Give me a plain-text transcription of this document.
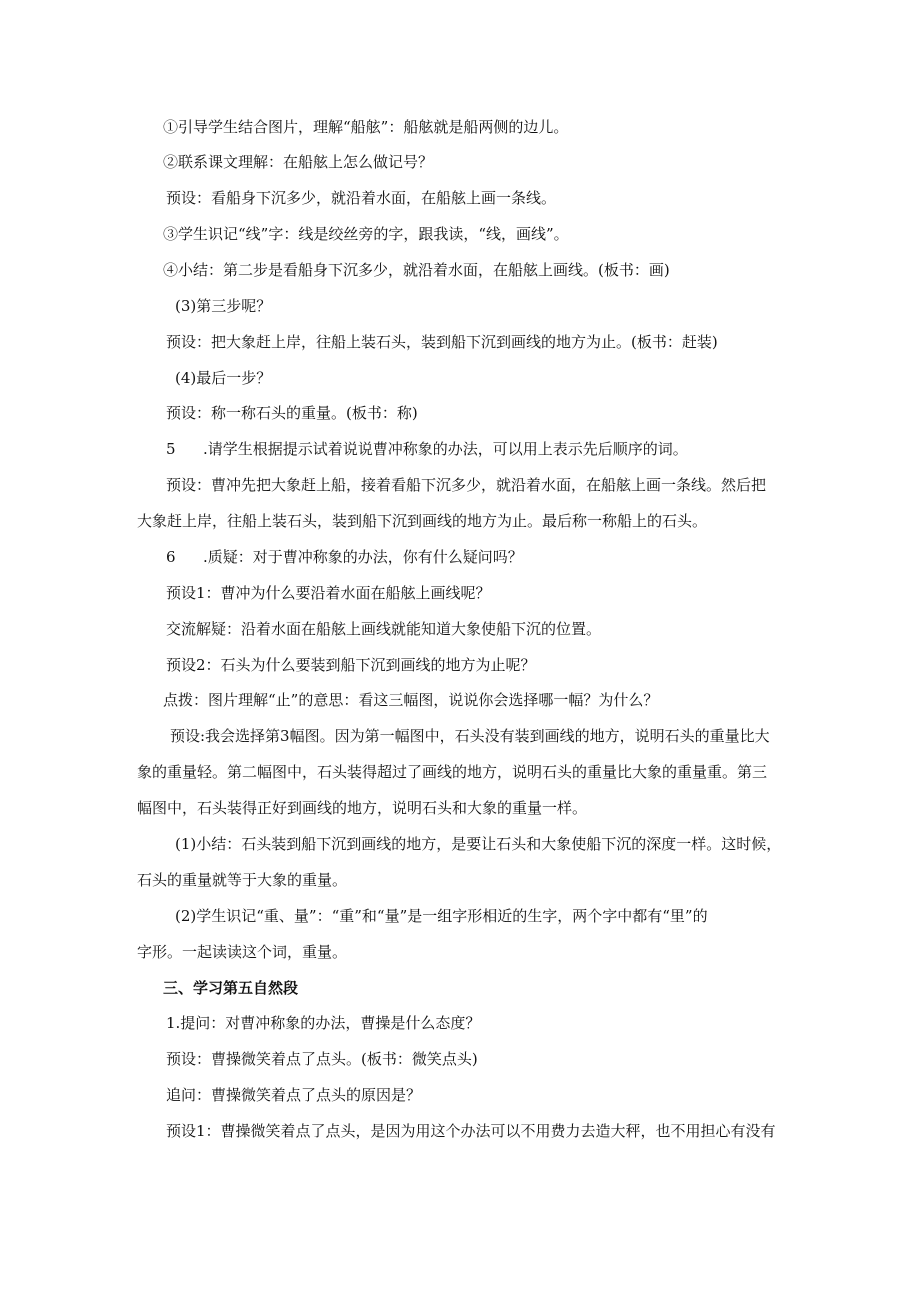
①引导学生结合图片，理解“船舷”：船舷就是船两侧的边儿。
②联系课文理解：在船舷上怎么做记号？
预设：看船身下沉多少，就沿着水面，在船舷上画一条线。
③学生识记“线”字：线是绞丝旁的字，跟我读，“线，画线”。
④小结：第二步是看船身下沉多少，就沿着水面，在船舷上画线。(板书：画)
(3)第三步呢？
预设：把大象赶上岸，往船上装石头，装到船下沉到画线的地方为止。(板书：赶装)
(4)最后一步？
预设：称一称石头的重量。(板书：称)
5 .请学生根据提示试着说说曹冲称象的办法，可以用上表示先后顺序的词。
预设：曹冲先把大象赶上船，接着看船下沉多少，就沿着水面，在船舷上画一条线。然后把
大象赶上岸，往船上装石头，装到船下沉到画线的地方为止。最后称一称船上的石头。
6 .质疑：对于曹冲称象的办法，你有什么疑问吗？
预设1：曹冲为什么要沿着水面在船舷上画线呢？
交流解疑：沿着水面在船舷上画线就能知道大象使船下沉的位置。
预设2：石头为什么要装到船下沉到画线的地方为止呢？
点拨：图片理解“止”的意思：看这三幅图，说说你会选择哪一幅？为什么？
预设:我会选择第3幅图。因为第一幅图中，石头没有装到画线的地方，说明石头的重量比大
象的重量轻。第二幅图中，石头装得超过了画线的地方，说明石头的重量比大象的重量重。第三
幅图中，石头装得正好到画线的地方，说明石头和大象的重量一样。
(1)小结：石头装到船下沉到画线的地方，是要让石头和大象使船下沉的深度一样。这时候，
石头的重量就等于大象的重量。
(2)学生识记“重、量”：“重”和“量”是一组字形相近的生字，两个字中都有“里”的
字形。一起读读这个词，重量。
三、学习第五自然段
1.提问：对曹冲称象的办法，曹操是什么态度？
预设：曹操微笑着点了点头。(板书：微笑点头)
追问：曹操微笑着点了点头的原因是？
预设1：曹操微笑着点了点头，是因为用这个办法可以不用费力去造大秤，也不用担心有没有
